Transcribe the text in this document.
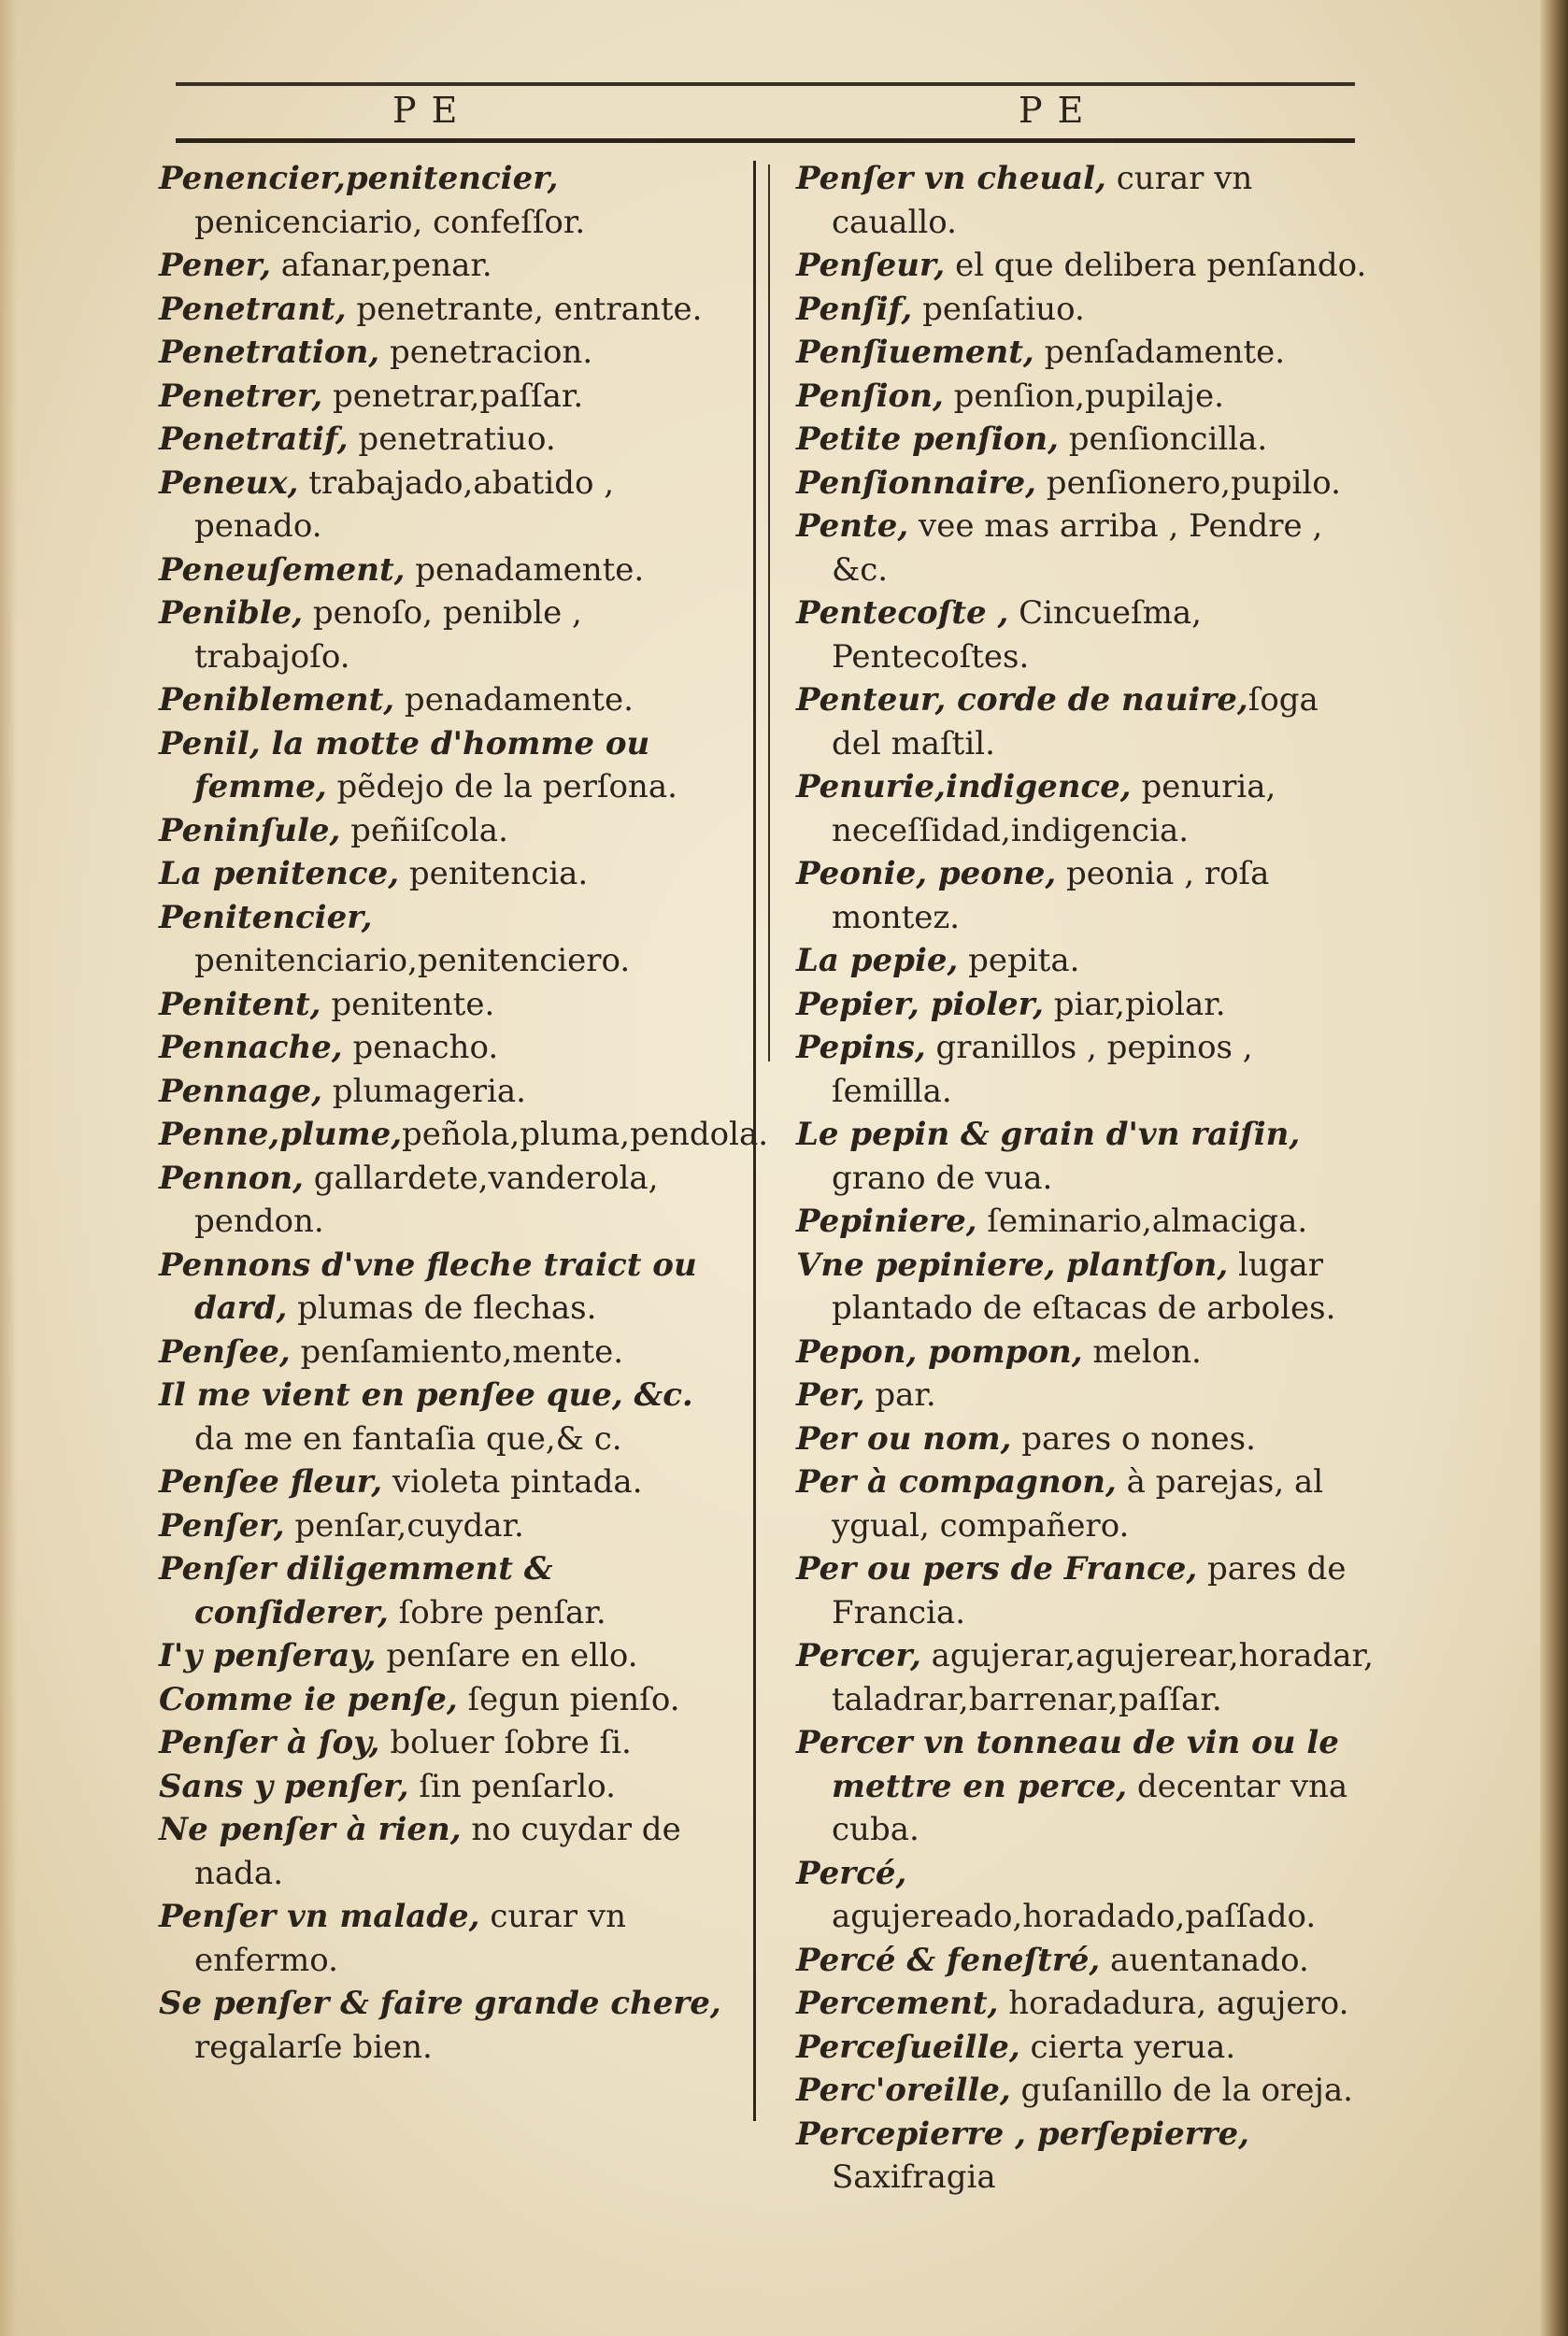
PE	PE
Penencier,penitencier, penicenciario, confeſſor.
Pener, afanar,penar.
Penetrant, penetrante, entrante.
Penetration, penetracion.
Penetrer, penetrar,paſſar.
Penetratif, penetratiuo.
Peneux, trabajado,abatido , penado.
Peneuſement, penadamente.
Penible, penoſo, penible , trabajoſo.
Peniblement, penadamente.
Penil, la motte d'homme ou femme, pẽdejo de la perſona.
Peninſule, peñiſcola.
La penitence, penitencia.
Penitencier, penitenciario,penitenciero.
Penitent, penitente.
Pennache, penacho.
Pennage, plumageria.
Penne,plume,peñola,pluma,pendola.
Pennon, gallardete,vanderola, pendon.
Pennons d'vne fleche traict ou dard, plumas de flechas.
Penſee, penſamiento,mente.
Il me vient en penſee que, &c. da me en fantaſia que,& c.
Penſee fleur, violeta pintada.
Penſer, penſar,cuydar.
Penſer diligemment & conſiderer, ſobre penſar.
I'y penſeray, penſare en ello.
Comme ie penſe, ſegun pienſo.
Penſer à ſoy, boluer ſobre ſi.
Sans y penſer, ſin penſarlo.
Ne penſer à rien, no cuydar de nada.
Penſer vn malade, curar vn enfermo.
Se penſer & faire grande chere, regalarſe bien.
Penſer vn cheual, curar vn cauallo.
Penſeur, el que delibera penſando.
Penſif, penſatiuo.
Penſiuement, penſadamente.
Penſion, penſion,pupilaje.
Petite penſion, penſioncilla.
Penſionnaire, penſionero,pupilo.
Pente, vee mas arriba , Pendre , &c.
Pentecoſte , Cincueſma, Pentecoſtes.
Penteur, corde de nauire,ſoga del maſtil.
Penurie,indigence, penuria, neceſſidad,indigencia.
Peonie, peone, peonia , roſa montez.
La pepie, pepita.
Pepier, pioler, piar,piolar.
Pepins, granillos , pepinos , ſemilla.
Le pepin & grain d'vn raiſin, grano de vua.
Pepiniere, ſeminario,almaciga.
Vne pepiniere, plantſon, lugar plantado de eſtacas de arboles.
Pepon, pompon, melon.
Per, par.
Per ou nom, pares o nones.
Per à compagnon, à parejas, al ygual, compañero.
Per ou pers de France, pares de Francia.
Percer, agujerar,agujerear,horadar, taladrar,barrenar,paſſar.
Percer vn tonneau de vin ou le mettre en perce, decentar vna cuba.
Percé, agujereado,horadado,paſſado.
Percé & feneſtré, auentanado.
Percement, horadadura, agujero.
Perceſueille, cierta yerua.
Perc'oreille, guſanillo de la oreja.
Percepierre , perſepierre, Saxifragia
